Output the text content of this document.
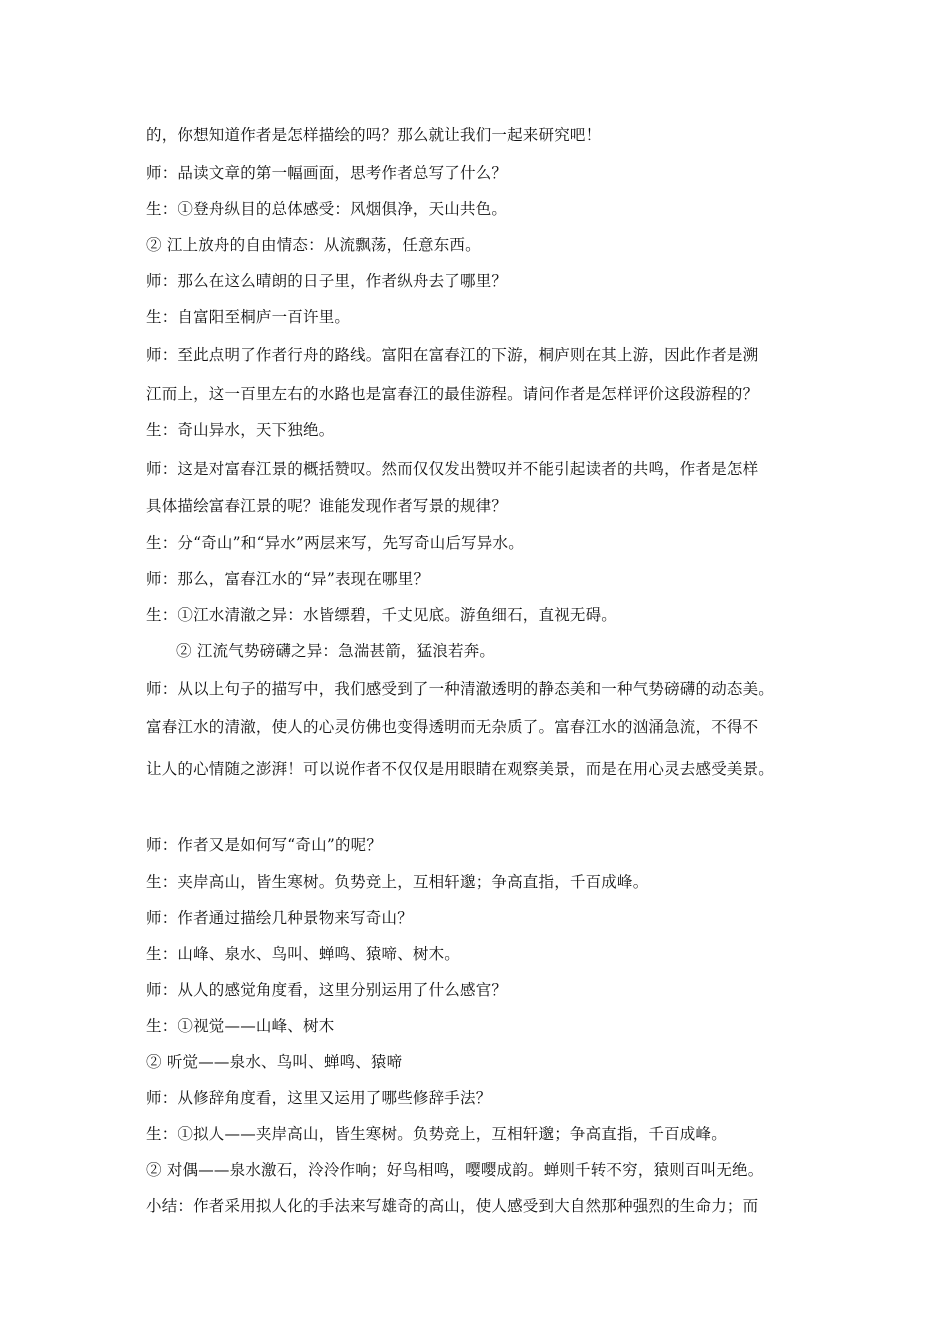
的，你想知道作者是怎样描绘的吗？那么就让我们一起来研究吧！
师：品读文章的第一幅画面，思考作者总写了什么？
生：①登舟纵目的总体感受：风烟俱净，天山共色。
② 江上放舟的自由情态：从流飘荡，任意东西。
师：那么在这么晴朗的日子里，作者纵舟去了哪里？
生：自富阳至桐庐一百许里。
师：至此点明了作者行舟的路线。富阳在富春江的下游，桐庐则在其上游，因此作者是溯
江而上，这一百里左右的水路也是富春江的最佳游程。请问作者是怎样评价这段游程的？
生：奇山异水，天下独绝。
师：这是对富春江景的概括赞叹。然而仅仅发出赞叹并不能引起读者的共鸣，作者是怎样
具体描绘富春江景的呢？谁能发现作者写景的规律？
生：分“奇山”和“异水”两层来写，先写奇山后写异水。
师：那么，富春江水的“异”表现在哪里？
生：①江水清澈之异：水皆缥碧，千丈见底。游鱼细石，直视无碍。
② 江流气势磅礴之异：急湍甚箭，猛浪若奔。
师：从以上句子的描写中，我们感受到了一种清澈透明的静态美和一种气势磅礴的动态美。
富春江水的清澈，使人的心灵仿佛也变得透明而无杂质了。富春江水的汹涌急流，不得不
让人的心情随之澎湃！可以说作者不仅仅是用眼睛在观察美景，而是在用心灵去感受美景。
师：作者又是如何写“奇山”的呢？
生：夹岸高山，皆生寒树。负势竞上，互相轩邈；争高直指，千百成峰。
师：作者通过描绘几种景物来写奇山？
生：山峰、泉水、鸟叫、蝉鸣、猿啼、树木。
师：从人的感觉角度看，这里分别运用了什么感官？
生：①视觉——山峰、树木
② 听觉——泉水、鸟叫、蝉鸣、猿啼
师：从修辞角度看，这里又运用了哪些修辞手法？
生：①拟人——夹岸高山，皆生寒树。负势竞上，互相轩邈；争高直指，千百成峰。
② 对偶——泉水激石，泠泠作响；好鸟相鸣，嘤嘤成韵。蝉则千转不穷，猿则百叫无绝。
小结：作者采用拟人化的手法来写雄奇的高山，使人感受到大自然那种强烈的生命力；而
